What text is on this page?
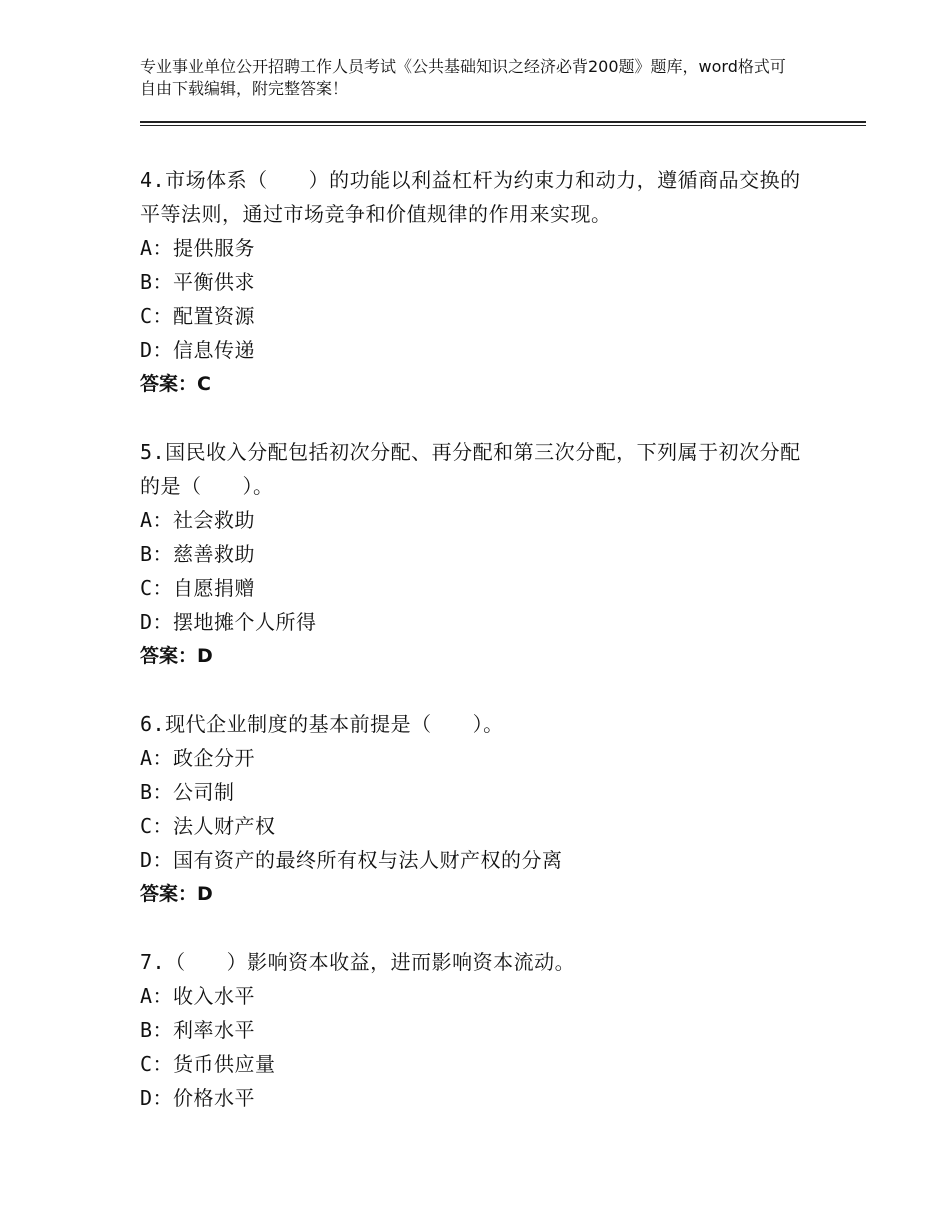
专业事业单位公开招聘工作人员考试《公共基础知识之经济必背200题》题库，word格式可自由下载编辑，附完整答案！

4.市场体系（　　）的功能以利益杠杆为约束力和动力，遵循商品交换的平等法则，通过市场竞争和价值规律的作用来实现。

A：提供服务

B：平衡供求

C：配置资源

D：信息传递

答案：C

5.国民收入分配包括初次分配、再分配和第三次分配，下列属于初次分配的是（　　）。

A：社会救助

B：慈善救助

C：自愿捐赠

D：摆地摊个人所得

答案：D

6.现代企业制度的基本前提是（　　）。

A：政企分开

B：公司制

C：法人财产权

D：国有资产的最终所有权与法人财产权的分离

答案：D

7.（　　）影响资本收益，进而影响资本流动。

A：收入水平

B：利率水平

C：货币供应量

D：价格水平
